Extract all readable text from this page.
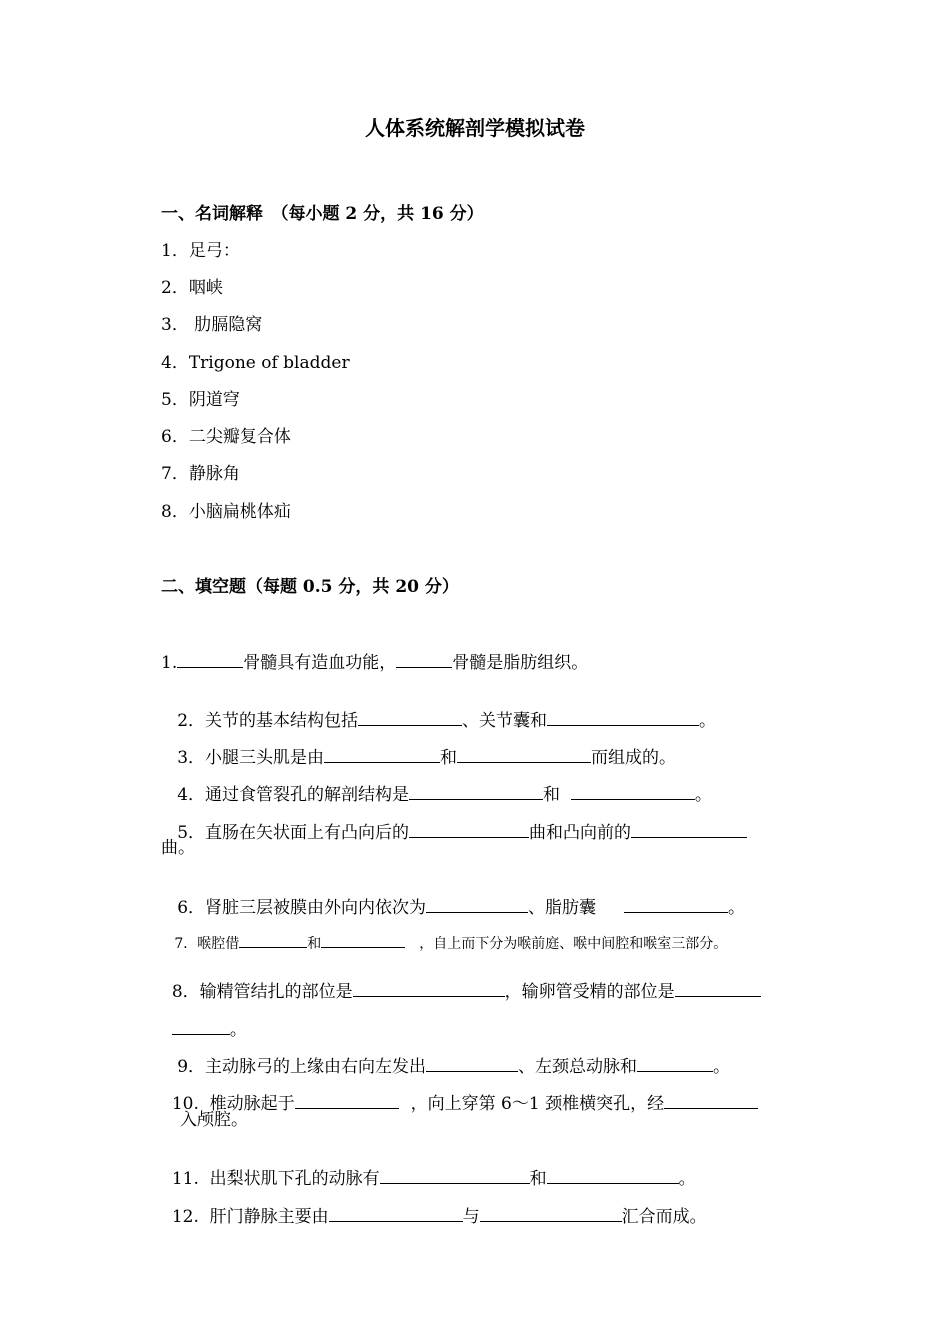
人体系统解剖学模拟试卷
一、名词解释　（每小题 2 分，共 16 分）
1．足弓：
2．咽峡
3． 肋膈隐窝
4．Trigone of bladder
5．阴道穹
6．二尖瓣复合体
7．静脉角
8．小脑扁桃体疝
二、填空题（每题 0.5 分，共 20 分）
1.	骨髓具有造血功能，	骨髓是脂肪组织。

2．关节的基本结构包括	、关节囊和	。

3．小腿三头肌是由	和	而组成的。

4．通过食管裂孔的解剖结构是	和	。

5．直肠在矢状面上有凸向后的	曲和凸向前的

曲。

6．肾脏三层被膜由外向内依次为	、脂肪囊	。

7．喉腔借	和	，自上而下分为喉前庭、喉中间腔和喉室三部分。

8．输精管结扎的部位是	，输卵管受精的部位是

。

9．主动脉弓的上缘由右向左发出	、左颈总动脉和	。

10.  椎动脉起于	，向上穿第 6～1 颈椎横突孔，经

入颅腔。

11.  出梨状肌下孔的动脉有	和	。

12.  肝门静脉主要由	与	汇合而成。
